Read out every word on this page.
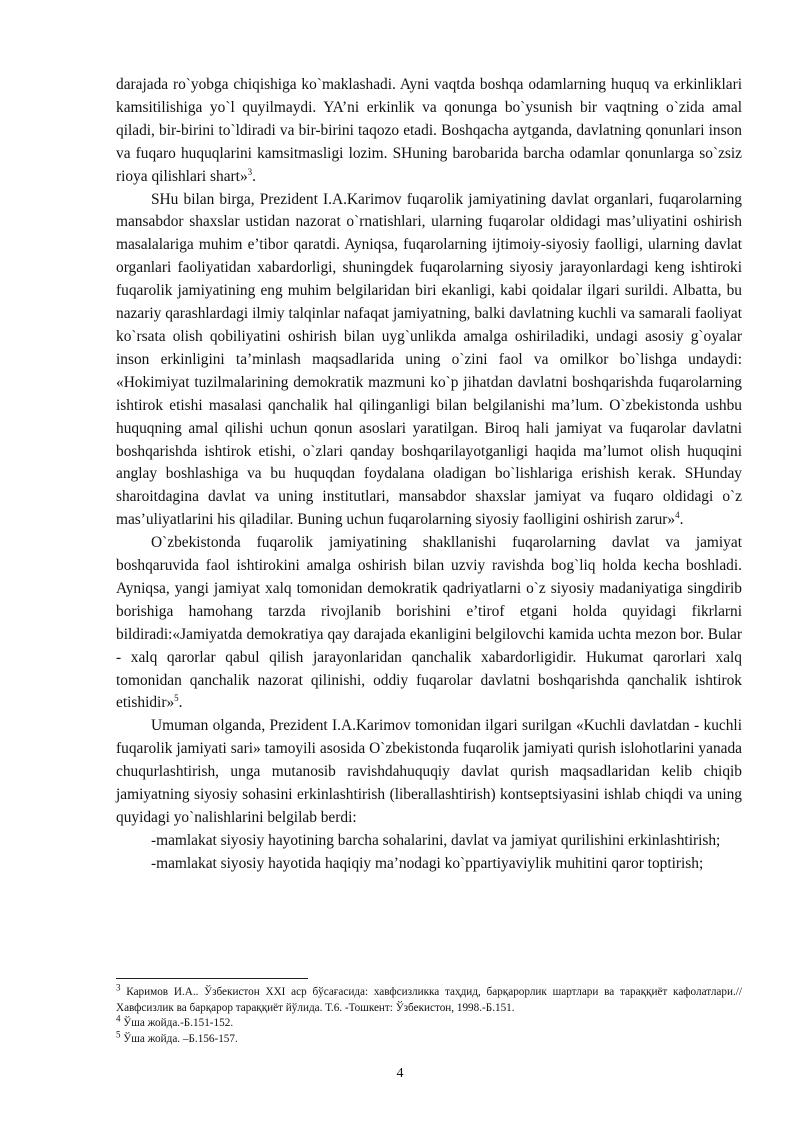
darajada ro`yobga chiqishiga ko`maklashadi. Ayni vaqtda boshqa odamlarning huquq va erkinliklari kamsitilishiga yo`l quyilmaydi. YA’ni erkinlik va qonunga bo`ysunish bir vaqtning o`zida amal qiladi, bir-birini to`ldiradi va bir-birini taqozo etadi. Boshqacha aytganda, davlatning qonunlari inson va fuqaro huquqlarini kamsitmasligi lozim. SHuning barobarida barcha odamlar qonunlarga so`zsiz rioya qilishlari shart»$^3$.

SHu bilan birga, Prezident I.A.Karimov fuqarolik jamiyatining davlat organlari, fuqarolarning mansabdor shaxslar ustidan nazorat o`rnatishlari, ularning fuqarolar oldidagi mas’uliyatini oshirish masalalariga muhim e’tibor qaratdi. Ayniqsa, fuqarolarning ijtimoiy-siyosiy faolligi, ularning davlat organlari faoliyatidan xabardorligi, shuningdek fuqarolarning siyosiy jarayonlardagi keng ishtiroki fuqarolik jamiyatining eng muhim belgilaridan biri ekanligi, kabi qoidalar ilgari surildi. Albatta, bu nazariy qarashlardagi ilmiy talqinlar nafaqat jamiyatning, balki davlatning kuchli va samarali faoliyat ko`rsata olish qobiliyatini oshirish bilan uyg`unlikda amalga oshiriladiki, undagi asosiy g`oyalar inson erkinligini ta’minlash maqsadlarida uning o`zini faol va omilkor bo`lishga undaydi: «Hokimiyat tuzilmalarining demokratik mazmuni ko`p jihatdan davlatni boshqarishda fuqarolarning ishtirok etishi masalasi qanchalik hal qilinganligi bilan belgilanishi ma’lum. O`zbekistonda ushbu huquqning amal qilishi uchun qonun asoslari yaratilgan. Biroq hali jamiyat va fuqarolar davlatni boshqarishda ishtirok etishi, o`zlari qanday boshqarilayotganligi haqida ma’lumot olish huquqini anglay boshlashiga va bu huquqdan foydalana oladigan bo`lishlariga erishish kerak. SHunday sharoitdagina davlat va uning institutlari, mansabdor shaxslar jamiyat va fuqaro oldidagi o`z mas’uliyatlarini his qiladilar. Buning uchun fuqarolarning siyosiy faolligini oshirish zarur»$^4$.

O`zbekistonda fuqarolik jamiyatining shakllanishi fuqarolarning davlat va jamiyat boshqaruvida faol ishtirokini amalga oshirish bilan uzviy ravishda bog`liq holda kecha boshladi. Ayniqsa, yangi jamiyat xalq tomonidan demokratik qadriyatlarni o`z siyosiy madaniyatiga singdirib borishiga hamohang tarzda rivojlanib borishini e’tirof etgani holda quyidagi fikrlarni bildiradi:«Jamiyatda demokratiya qay darajada ekanligini belgilovchi kamida uchta mezon bor. Bular - xalq qarorlar qabul qilish jarayonlaridan qanchalik xabardorligidir. Hukumat qarorlari xalq tomonidan qanchalik nazorat qilinishi, oddiy fuqarolar davlatni boshqarishda qanchalik ishtirok etishidir»$^5$.

Umuman olganda, Prezident I.A.Karimov tomonidan ilgari surilgan «Kuchli davlatdan - kuchli fuqarolik jamiyati sari» tamoyili asosida O`zbekistonda fuqarolik jamiyati qurish islohotlarini yanada chuqurlashtirish, unga mutanosib ravishdahuquqiy davlat qurish maqsadlaridan kelib chiqib jamiyatning siyosiy sohasini erkinlashtirish (liberallashtirish) kontseptsiyasini ishlab chiqdi va uning quyidagi yo`nalishlarini belgilab berdi:

-mamlakat siyosiy hayotining barcha sohalarini, davlat va jamiyat qurilishini erkinlashtirish;

-mamlakat siyosiy hayotida haqiqiy ma’nodagi ko`ppartiyaviylik muhitini qaror toptirish;

$^3$ Каримов И.А.. Ўзбекистон XXI аср бўсағасида: хавфсизликка таҳдид, барқарорлик шартлари ва тараққиёт кафолатлари.//Хавфсизлик ва барқарор тараққиёт йўлида. Т.6. -Тошкент: Ўзбекистон, 1998.-Б.151.

$^4$ Ўша жойда.-Б.151-152.

$^5$ Ўша жойда. –Б.156-157.

4
